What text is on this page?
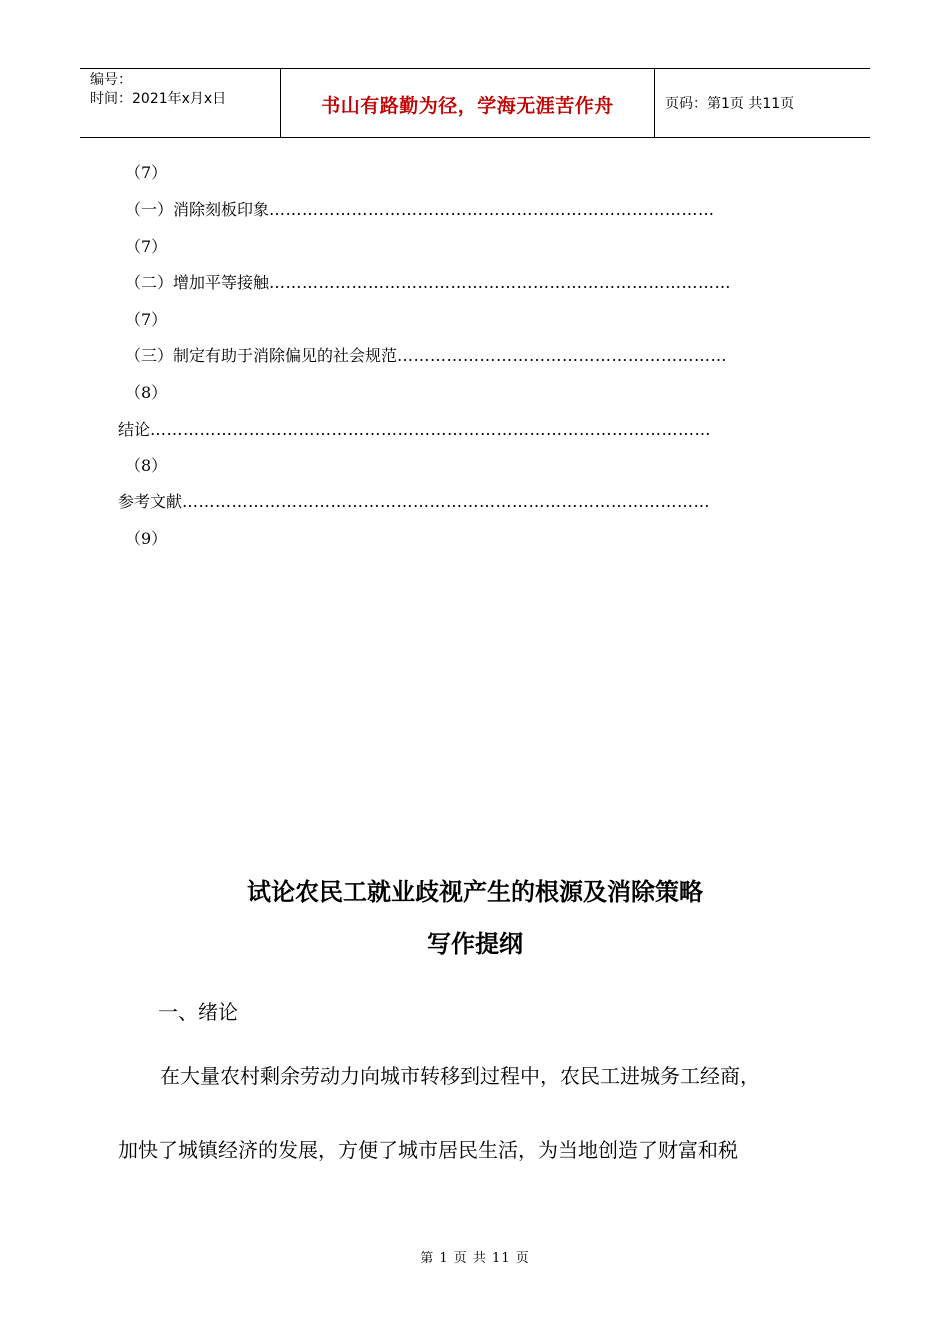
编号：
时间：2021年x月x日	书山有路勤为径，学海无涯苦作舟	页码：第1页 共11页
（7）
（一）消除刻板印象………………………………………………………………………
（7）
（二）增加平等接触…………………………………………………………………………
（7）
（三）制定有助于消除偏见的社会规范……………………………………………………
（8）
结论…………………………………………………………………………………………
（8）
参考文献……………………………………………………………………………………
（9）
试论农民工就业歧视产生的根源及消除策略
写作提纲
一、绪论
在大量农村剩余劳动力向城市转移到过程中，农民工进城务工经商，
加快了城镇经济的发展，方便了城市居民生活，为当地创造了财富和税
第 1 页 共 11 页
